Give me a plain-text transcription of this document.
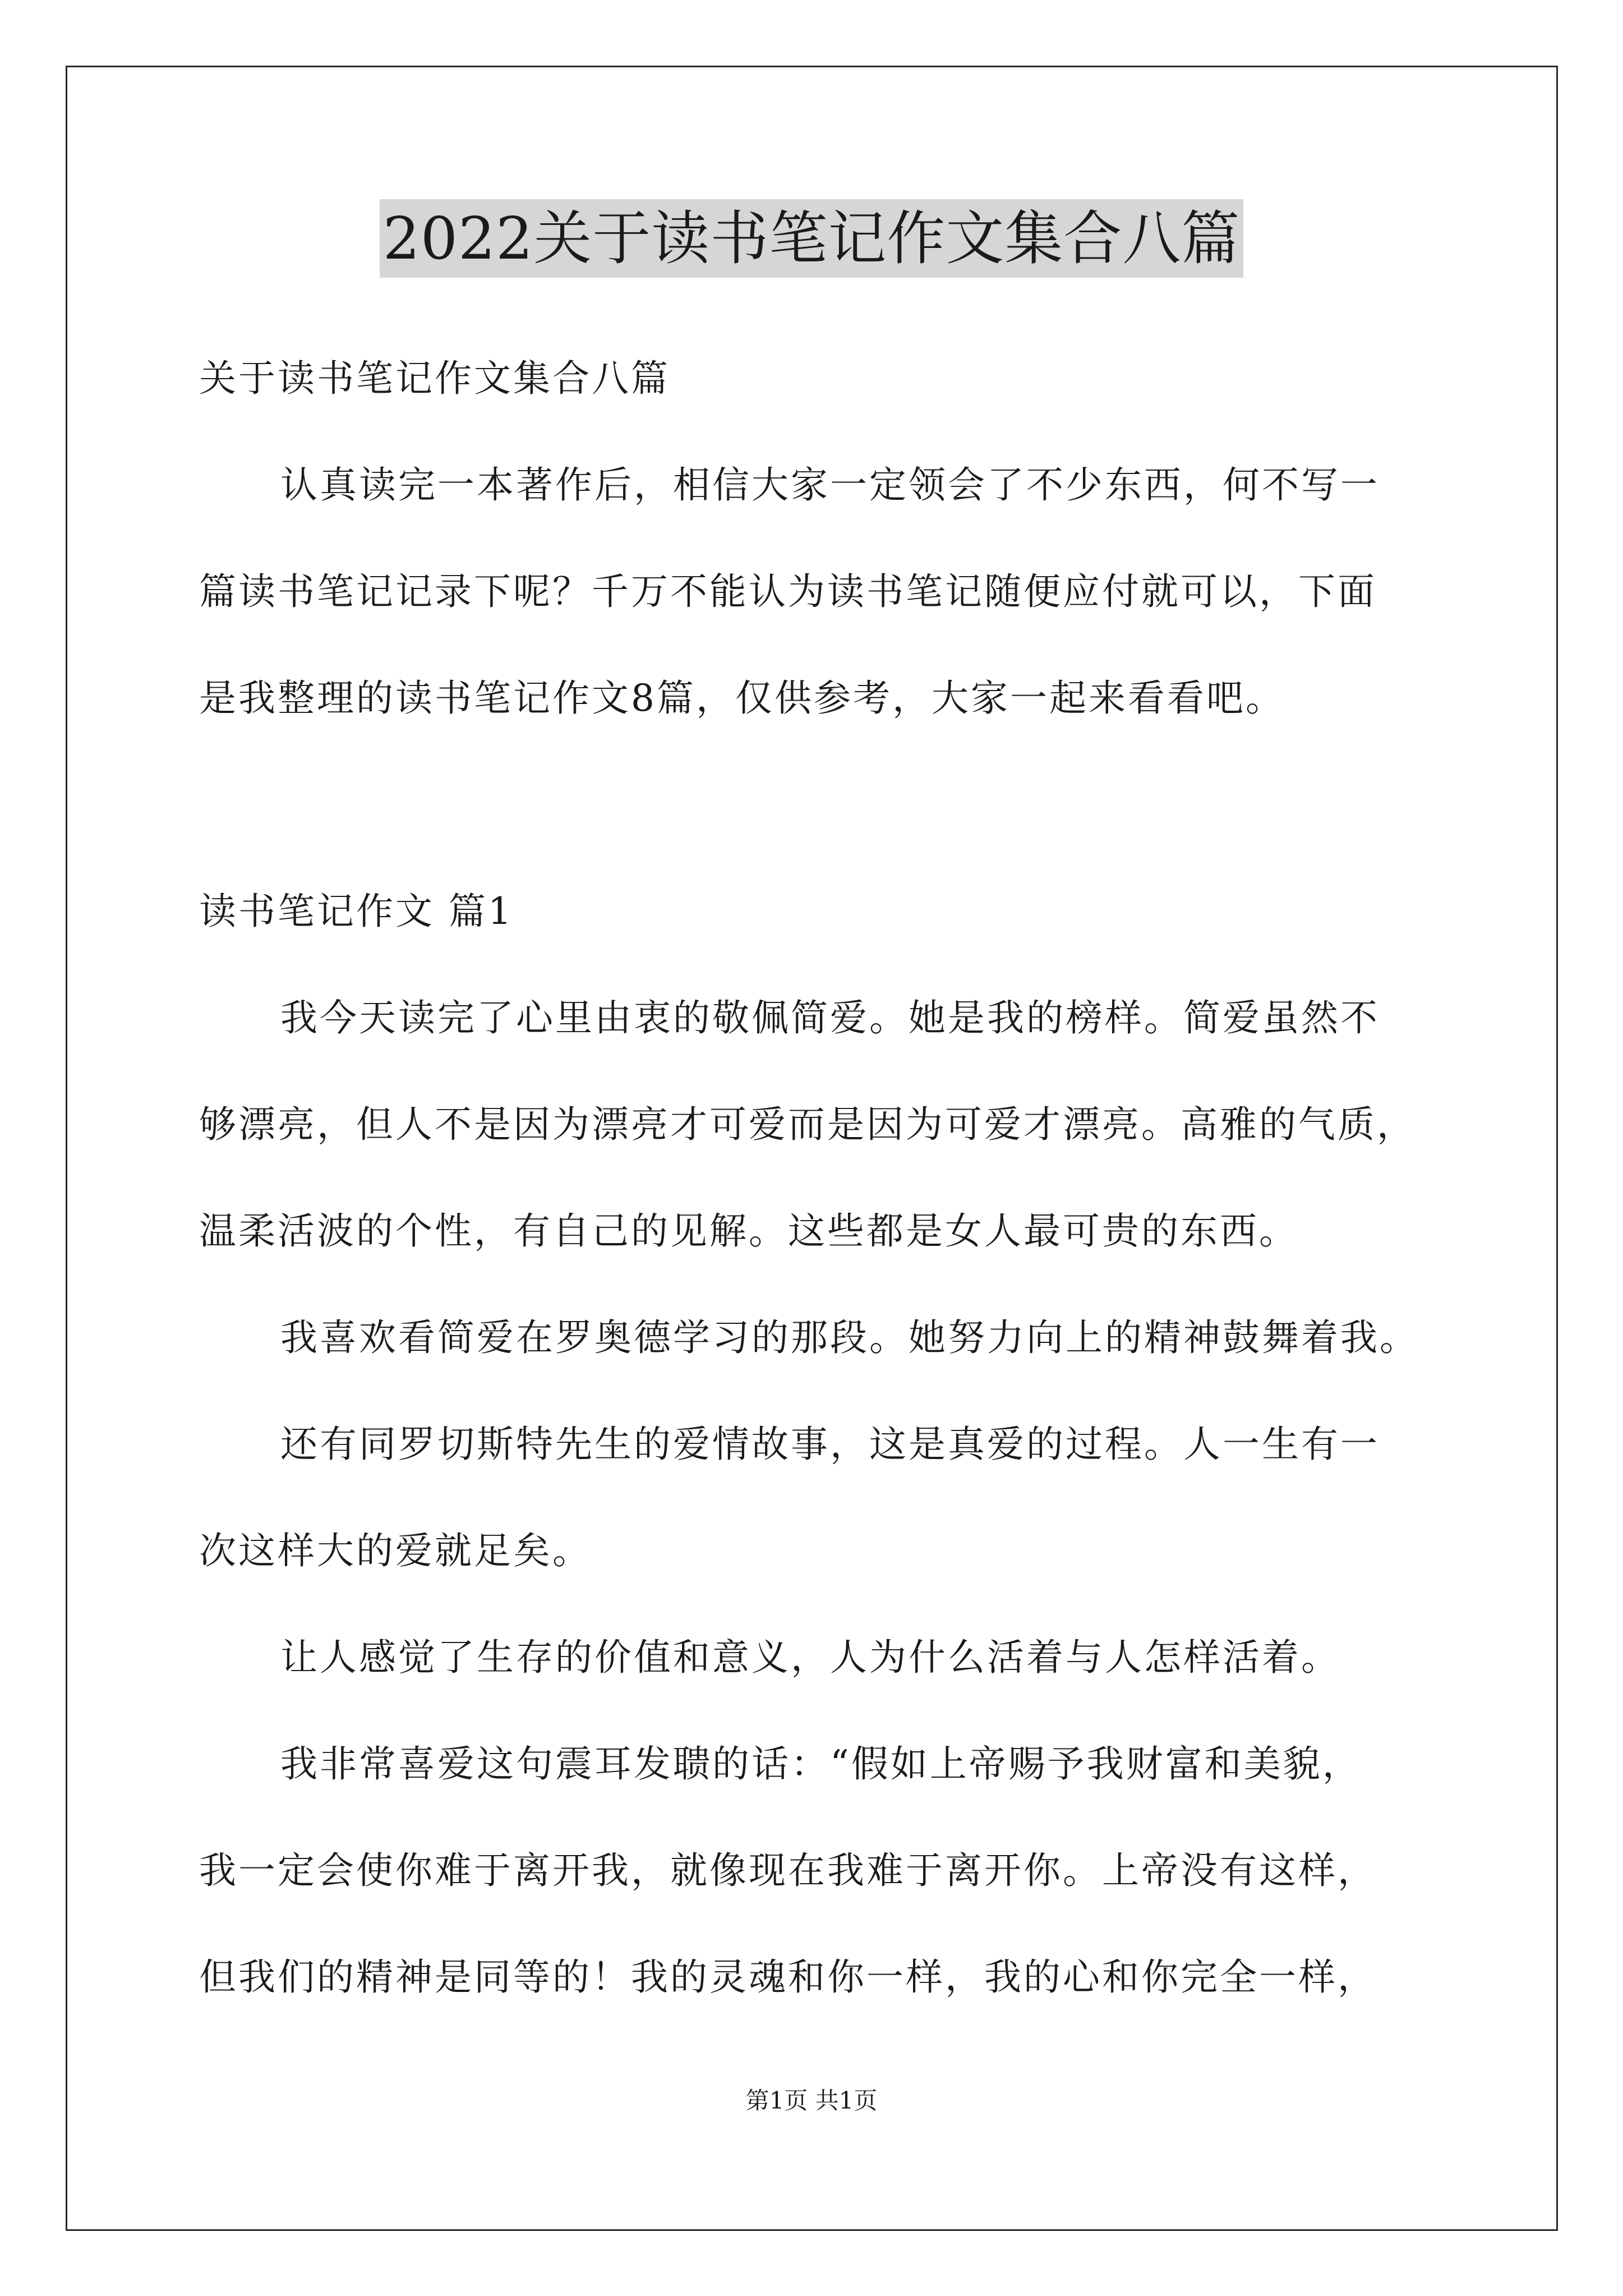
2022关于读书笔记作文集合八篇
关于读书笔记作文集合八篇
认真读完一本著作后，相信大家一定领会了不少东西，何不写一
篇读书笔记记录下呢？千万不能认为读书笔记随便应付就可以，下面
是我整理的读书笔记作文8篇，仅供参考，大家一起来看看吧。
读书笔记作文 篇1
我今天读完了心里由衷的敬佩简爱。她是我的榜样。简爱虽然不
够漂亮，但人不是因为漂亮才可爱而是因为可爱才漂亮。高雅的气质，
温柔活波的个性，有自己的见解。这些都是女人最可贵的东西。
我喜欢看简爱在罗奥德学习的那段。她努力向上的精神鼓舞着我。
还有同罗切斯特先生的爱情故事，这是真爱的过程。人一生有一
次这样大的爱就足矣。
让人感觉了生存的价值和意义，人为什么活着与人怎样活着。
我非常喜爱这句震耳发聩的话：“假如上帝赐予我财富和美貌，
我一定会使你难于离开我，就像现在我难于离开你。上帝没有这样，
但我们的精神是同等的！我的灵魂和你一样，我的心和你完全一样，
第1页 共1页
